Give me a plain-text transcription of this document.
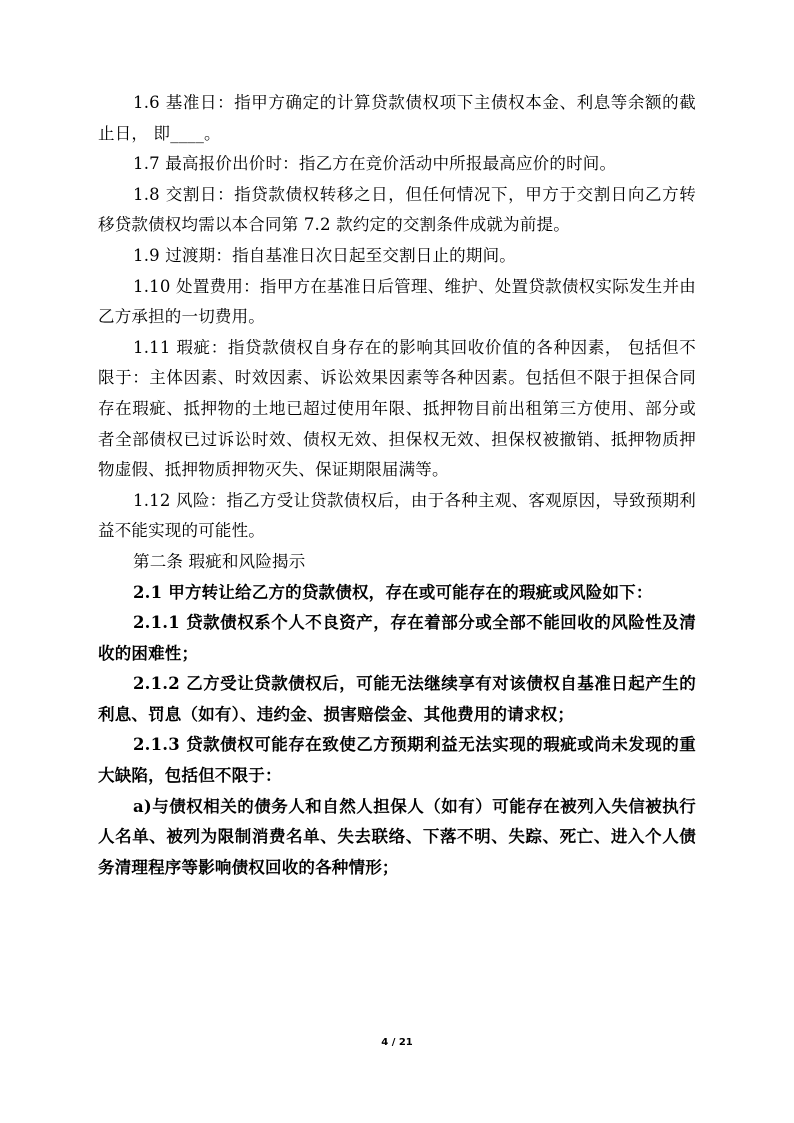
1.6 基准日：指甲方确定的计算贷款债权项下主债权本金、利息等余额的截止日， 即____。

1.7 最高报价出价时：指乙方在竞价活动中所报最高应价的时间。

1.8 交割日：指贷款债权转移之日，但任何情况下，甲方于交割日向乙方转移贷款债权均需以本合同第 7.2 款约定的交割条件成就为前提。

1.9 过渡期：指自基准日次日起至交割日止的期间。

1.10 处置费用：指甲方在基准日后管理、维护、处置贷款债权实际发生并由乙方承担的一切费用。

1.11 瑕疵：指贷款债权自身存在的影响其回收价值的各种因素， 包括但不限于：主体因素、时效因素、诉讼效果因素等各种因素。包括但不限于担保合同存在瑕疵、抵押物的土地已超过使用年限、抵押物目前出租第三方使用、部分或者全部债权已过诉讼时效、债权无效、担保权无效、担保权被撤销、抵押物质押物虚假、抵押物质押物灭失、保证期限届满等。

1.12 风险：指乙方受让贷款债权后，由于各种主观、客观原因，导致预期利益不能实现的可能性。

第二条 瑕疵和风险揭示

2.1 甲方转让给乙方的贷款债权，存在或可能存在的瑕疵或风险如下：

2.1.1 贷款债权系个人不良资产，存在着部分或全部不能回收的风险性及清收的困难性；

2.1.2 乙方受让贷款债权后，可能无法继续享有对该债权自基准日起产生的利息、罚息（如有）、违约金、损害赔偿金、其他费用的请求权；

2.1.3 贷款债权可能存在致使乙方预期利益无法实现的瑕疵或尚未发现的重大缺陷，包括但不限于：

a)与债权相关的债务人和自然人担保人（如有）可能存在被列入失信被执行人名单、被列为限制消费名单、失去联络、下落不明、失踪、死亡、进入个人债务清理程序等影响债权回收的各种情形；

4 / 21
